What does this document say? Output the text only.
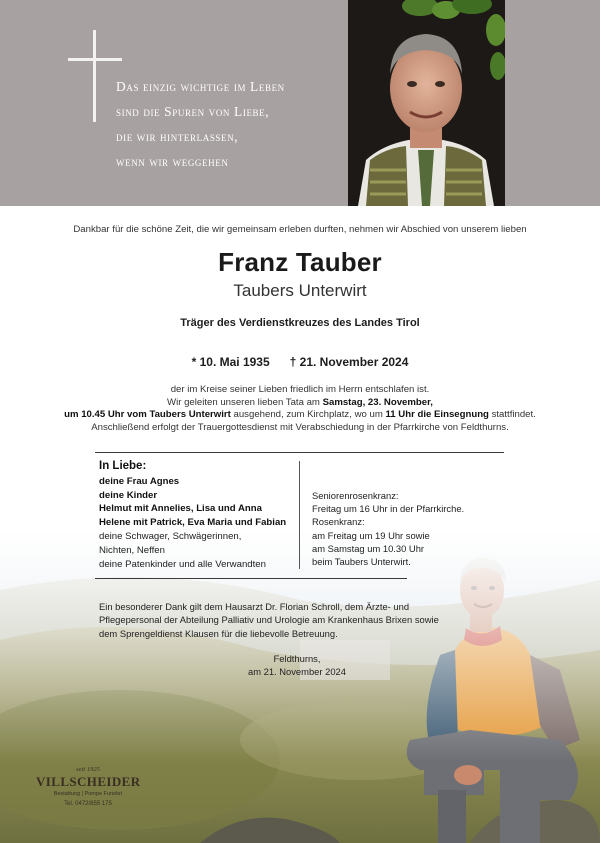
Das einzig wichtige im Leben
sind die Spuren von Liebe,
die wir hinterlassen,
wenn wir weggehen
Dankbar für die schöne Zeit, die wir gemeinsam erleben durften, nehmen wir Abschied von unserem lieben
Franz Tauber
Taubers Unterwirt
Träger des Verdienstkreuzes des Landes Tirol
* 10. Mai 1935 † 21. November 2024
der im Kreise seiner Lieben friedlich im Herrn entschlafen ist.
Wir geleiten unseren lieben Tata am Samstag, 23. November,
um 10.45 Uhr vom Taubers Unterwirt ausgehend, zum Kirchplatz, wo um 11 Uhr die Einsegnung stattfindet.
Anschließend erfolgt der Trauergottesdienst mit Verabschiedung in der Pfarrkirche von Feldthurns.
In Liebe:
deine Frau Agnes
deine Kinder
Helmut mit Annelies, Lisa und Anna
Helene mit Patrick, Eva Maria und Fabian
deine Schwager, Schwägerinnen,
Nichten, Neffen
deine Patenkinder und alle Verwandten
Seniorenrosenkranz:
Freitag um 16 Uhr in der Pfarrkirche.
Rosenkranz:
am Freitag um 19 Uhr sowie
am Samstag um 10.30 Uhr
beim Taubers Unterwirt.
Ein besonderer Dank gilt dem Hausarzt Dr. Florian Schroll, dem Ärzte- und Pflegepersonal der Abteilung Palliativ und Urologie am Krankenhaus Brixen sowie dem Sprengeldienst Klausen für die liebevolle Betreuung.
Feldthurns,
am 21. November 2024
seit 1925
VILLSCHEIDER
Bestattung | Pompe Funebri
Tel. 0472/855 175
